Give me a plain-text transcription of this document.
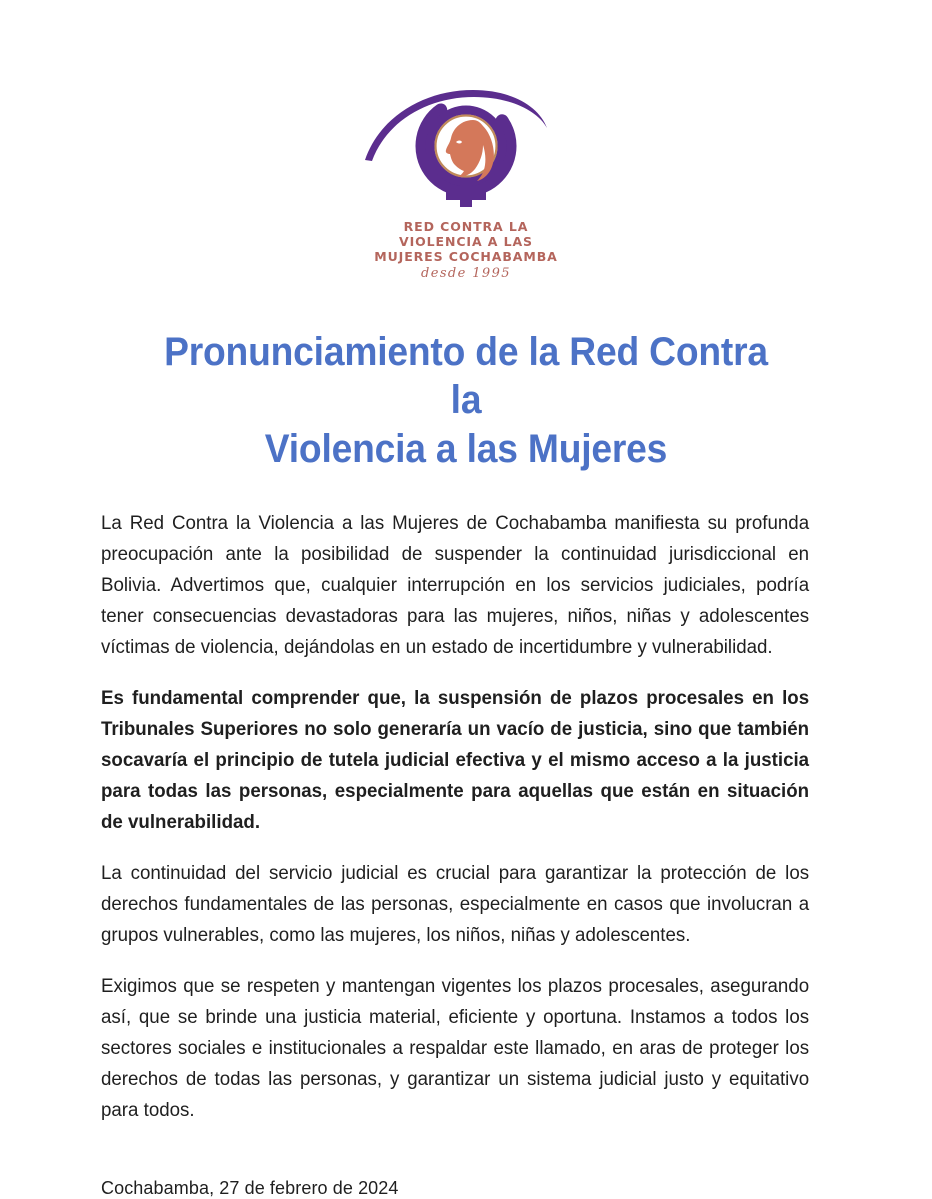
RED CONTRA LA
VIOLENCIA A LAS
MUJERES COCHABAMBA
desde 1995
Pronunciamiento de la Red Contra la
Violencia a las Mujeres

La Red Contra la Violencia a las Mujeres de Cochabamba manifiesta su profunda preocupación ante la posibilidad de suspender la continuidad jurisdiccional en Bolivia. Advertimos que, cualquier interrupción en los servicios judiciales, podría tener consecuencias devastadoras para las mujeres, niños, niñas y adolescentes víctimas de violencia, dejándolas en un estado de incertidumbre y vulnerabilidad.

Es fundamental comprender que, la suspensión de plazos procesales en los Tribunales Superiores no solo generaría un vacío de justicia, sino que también socavaría el principio de tutela judicial efectiva y el mismo acceso a la justicia para todas las personas, especialmente para aquellas que están en situación de vulnerabilidad.

La continuidad del servicio judicial es crucial para garantizar la protección de los derechos fundamentales de las personas, especialmente en casos que involucran a grupos vulnerables, como las mujeres, los niños, niñas y adolescentes.

Exigimos que se respeten y mantengan vigentes los plazos procesales, asegurando así, que se brinde una justicia material, eficiente y oportuna. Instamos a todos los sectores sociales e institucionales a respaldar este llamado, en aras de proteger los derechos de todas las personas, y garantizar un sistema judicial justo y equitativo para todos.

Cochabamba, 27 de febrero de 2024
